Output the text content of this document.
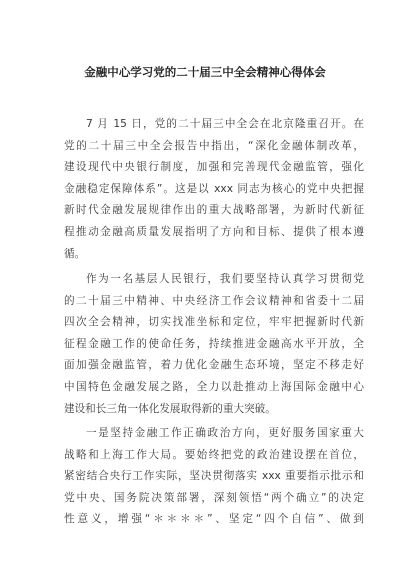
金融中心学习党的二十届三中全会精神心得体会
7 月 15 日，党的二十届三中全会在北京隆重召开。在
党的二十届三中全会报告中指出，“深化金融体制改革，
建设现代中央银行制度，加强和完善现代金融监管，强化
金融稳定保障体系”。这是以 xxx 同志为核心的党中央把握
新时代金融发展规律作出的重大战略部署，为新时代新征
程推动金融高质量发展指明了方向和目标、提供了根本遵
循。
作为一名基层人民银行，我们要坚持认真学习贯彻党
的二十届三中精神、中央经济工作会议精神和省委十二届
四次全会精神，切实找准坐标和定位，牢牢把握新时代新
征程金融工作的使命任务，持续推进金融高水平开放，全
面加强金融监管，着力优化金融生态环境，坚定不移走好
中国特色金融发展之路，全力以赴推动上海国际金融中心
建设和长三角一体化发展取得新的重大突破。
一是坚持金融工作正确政治方向，更好服务国家重大
战略和上海工作大局。要始终把党的政治建设摆在首位，
紧密结合央行工作实际，坚决贯彻落实 xxx 重要指示批示和
党中央、国务院决策部署，深刻领悟“两个确立”的决定
性意义，增强“＊＊＊＊”、坚定“四个自信”、做到
